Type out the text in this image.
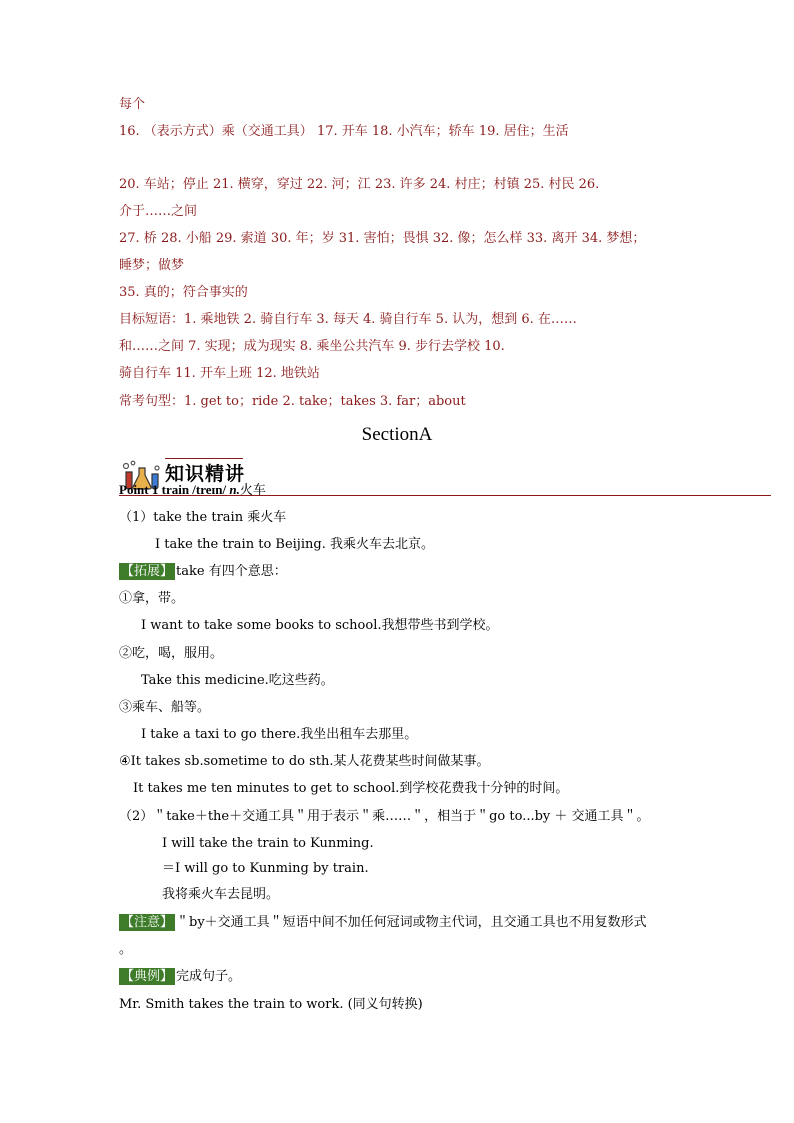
每个
16. （表示方式）乘（交通工具） 17. 开车 18. 小汽车；轿车 19. 居住；生活
20. 车站；停止 21. 横穿，穿过 22. 河；江 23. 许多 24. 村庄；村镇 25. 村民 26.
介于……之间
27. 桥 28. 小船 29. 索道 30. 年；岁 31. 害怕；畏惧 32. 像；怎么样 33. 离开 34. 梦想；
睡梦；做梦
35. 真的；符合事实的
目标短语：1. 乘地铁 2. 骑自行车 3. 每天 4. 骑自行车 5. 认为，想到 6. 在……
和……之间 7. 实现；成为现实 8. 乘坐公共汽车 9. 步行去学校 10.
骑自行车 11. 开车上班 12. 地铁站
常考句型：1. get to；ride 2. take；takes 3. far；about
SectionA
知识精讲
Point 1 train /treɪn/ n.火车
（1）take the train 乘火车
I take the train to Beijing. 我乘火车去北京。
【拓展】 take 有四个意思：
①拿，带。
I want to take some books to school.我想带些书到学校。
②吃，喝，服用。
Take this medicine.吃这些药。
③乘车、船等。
I take a taxi to go there.我坐出租车去那里。
④It takes sb.sometime to do sth.某人花费某些时间做某事。
It takes me ten minutes to get to school.到学校花费我十分钟的时间。
（2）＂take＋the＋交通工具＂用于表示＂乘……＂，相当于＂go to...by ＋ 交通工具＂。
I will take the train to Kunming.
＝I will go to Kunming by train.
我将乘火车去昆明。
【注意】 ＂by＋交通工具＂短语中间不加任何冠词或物主代词，且交通工具也不用复数形式
。
【典例】 完成句子。
Mr. Smith takes the train to work. (同义句转换)
